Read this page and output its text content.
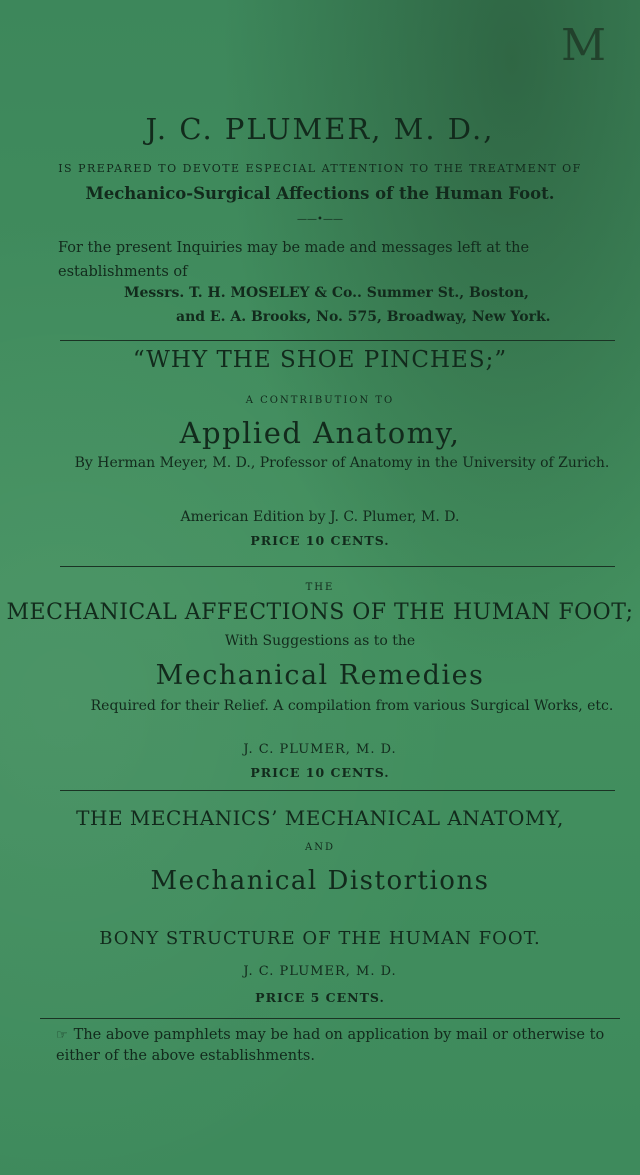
M
J. C. PLUMER, M. D.,
IS PREPARED TO DEVOTE ESPECIAL ATTENTION TO THE TREATMENT OF
Mechanico-Surgical Affections of the Human Foot.
——•——
For the present Inquiries may be made and messages left at the establishments of
Messrs. T. H. MOSELEY & Co.. Summer St., Boston,
and E. A. Brooks, No. 575, Broadway, New York.
“WHY THE SHOE PINCHES;”
A CONTRIBUTION TO
Applied Anatomy,
By Herman Meyer, M. D., Professor of Anatomy in the University of Zurich.
American Edition by J. C. Plumer, M. D.
PRICE 10 CENTS.
THE
MECHANICAL AFFECTIONS OF THE HUMAN FOOT;
With Suggestions as to the
Mechanical Remedies
Required for their Relief. A compilation from various Surgical Works, etc.
J. C. PLUMER, M. D.
PRICE 10 CENTS.
THE MECHANICS’ MECHANICAL ANATOMY,
AND
Mechanical Distortions
BONY STRUCTURE OF THE HUMAN FOOT.
J. C. PLUMER, M. D.
PRICE 5 CENTS.
☞ The above pamphlets may be had on application by mail or otherwise to either of the above establishments.
